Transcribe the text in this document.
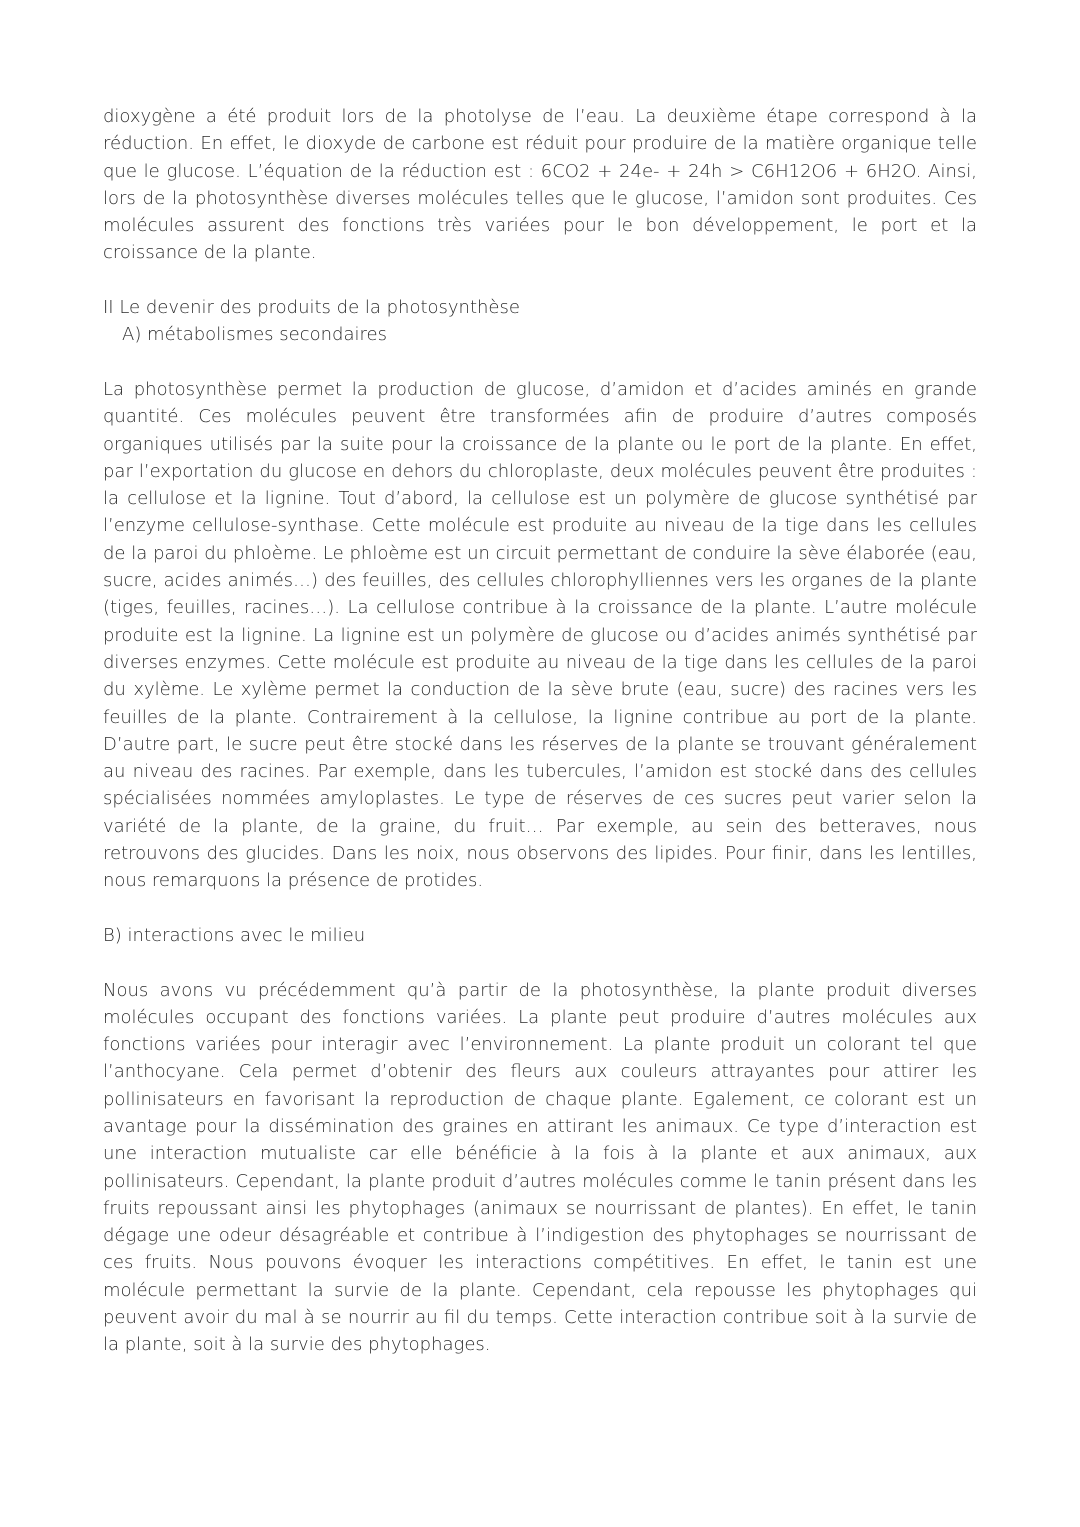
dioxygène a été produit lors de la photolyse de l’eau. La deuxième étape correspond à la réduction. En effet, le dioxyde de carbone est réduit pour produire de la matière organique telle que le glucose. L’équation de la réduction est : 6CO2 + 24e- + 24h > C6H12O6 + 6H2O. Ainsi, lors de la photosynthèse diverses molécules telles que le glucose, l’amidon sont produites. Ces molécules assurent des fonctions très variées pour le bon développement, le port et la croissance de la plante.

II Le devenir des produits de la photosynthèse

A) métabolismes secondaires

La photosynthèse permet la production de glucose, d’amidon et d’acides aminés en grande quantité. Ces molécules peuvent être transformées afin de produire d’autres composés organiques utilisés par la suite pour la croissance de la plante ou le port de la plante. En effet, par l’exportation du glucose en dehors du chloroplaste, deux molécules peuvent être produites : la cellulose et la lignine. Tout d’abord, la cellulose est un polymère de glucose synthétisé par l’enzyme cellulose-synthase. Cette molécule est produite au niveau de la tige dans les cellules de la paroi du phloème. Le phloème est un circuit permettant de conduire la sève élaborée (eau, sucre, acides animés…) des feuilles, des cellules chlorophylliennes vers les organes de la plante (tiges, feuilles, racines…). La cellulose contribue à la croissance de la plante. L’autre molécule produite est la lignine. La lignine est un polymère de glucose ou d’acides animés synthétisé par diverses enzymes. Cette molécule est produite au niveau de la tige dans les cellules de la paroi du xylème. Le xylème permet la conduction de la sève brute (eau, sucre) des racines vers les feuilles de la plante. Contrairement à la cellulose, la lignine contribue au port de la plante. D’autre part, le sucre peut être stocké dans les réserves de la plante se trouvant généralement au niveau des racines. Par exemple, dans les tubercules, l’amidon est stocké dans des cellules spécialisées nommées amyloplastes. Le type de réserves de ces sucres peut varier selon la variété de la plante, de la graine, du fruit… Par exemple, au sein des betteraves, nous retrouvons des glucides. Dans les noix, nous observons des lipides. Pour finir, dans les lentilles, nous remarquons la présence de protides.

B) interactions avec le milieu

Nous avons vu précédemment qu’à partir de la photosynthèse, la plante produit diverses molécules occupant des fonctions variées. La plante peut produire d’autres molécules aux fonctions variées pour interagir avec l’environnement. La plante produit un colorant tel que l’anthocyane. Cela permet d’obtenir des fleurs aux couleurs attrayantes pour attirer les pollinisateurs en favorisant la reproduction de chaque plante. Egalement, ce colorant est un avantage pour la dissémination des graines en attirant les animaux. Ce type d’interaction est une interaction mutualiste car elle bénéficie à la fois à la plante et aux animaux, aux pollinisateurs. Cependant, la plante produit d’autres molécules comme le tanin présent dans les fruits repoussant ainsi les phytophages (animaux se nourrissant de plantes). En effet, le tanin dégage une odeur désagréable et contribue à l’indigestion des phytophages se nourrissant de ces fruits. Nous pouvons évoquer les interactions compétitives. En effet, le tanin est une molécule permettant la survie de la plante. Cependant, cela repousse les phytophages qui peuvent avoir du mal à se nourrir au fil du temps. Cette interaction contribue soit à la survie de la plante, soit à la survie des phytophages.
